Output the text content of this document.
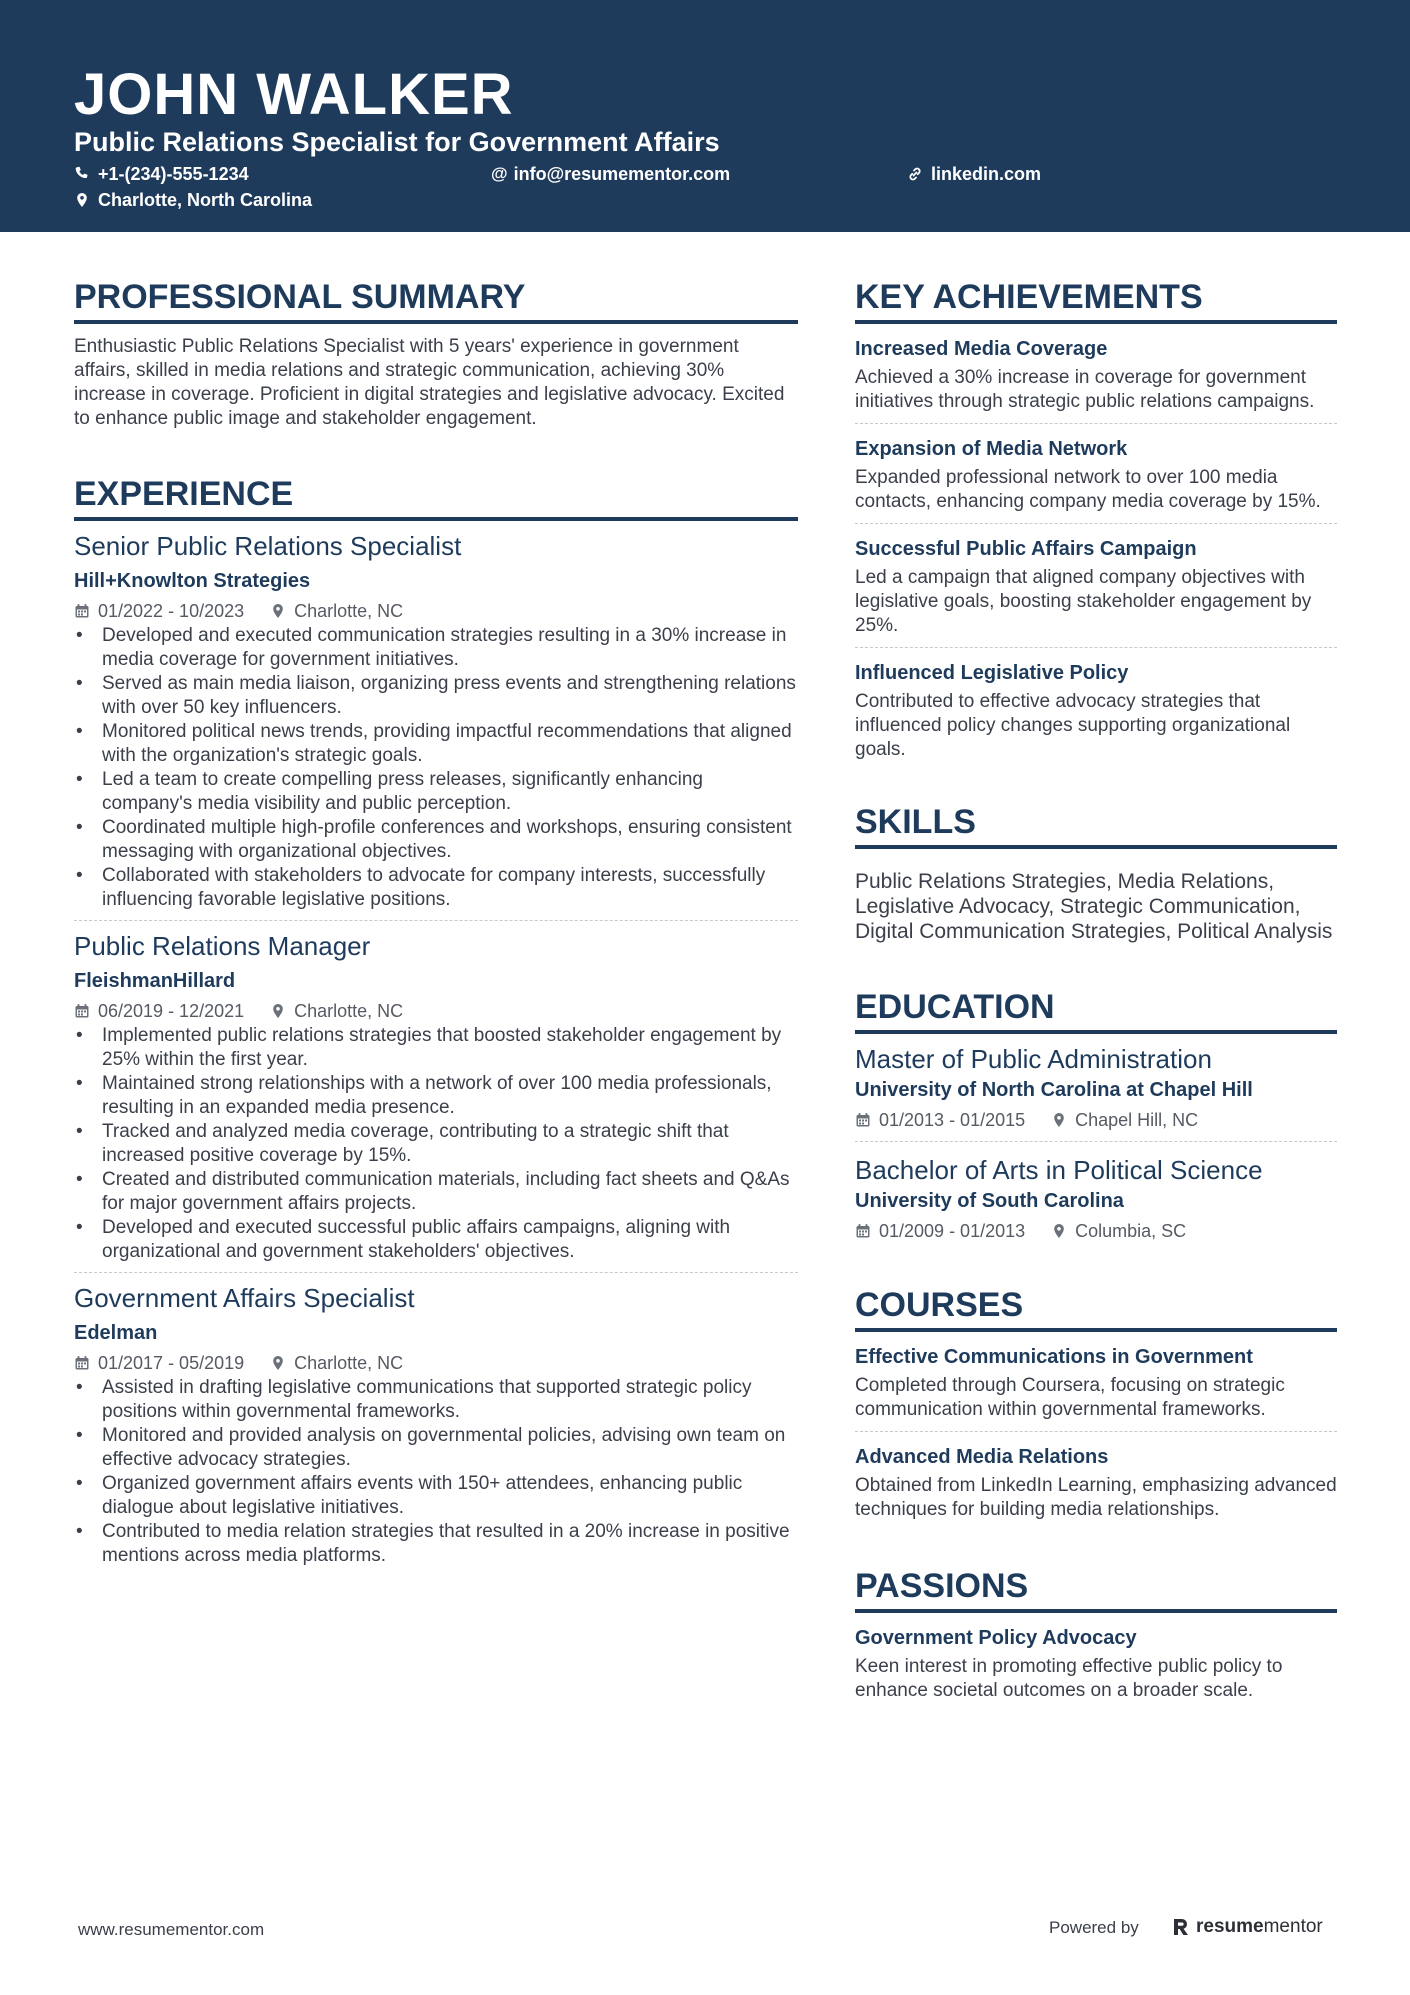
JOHN WALKER
Public Relations Specialist for Government Affairs
+1-(234)-555-1234	@ info@resumementor.com	linkedin.com
Charlotte, North Carolina
PROFESSIONAL SUMMARY

Enthusiastic Public Relations Specialist with 5 years' experience in government affairs, skilled in media relations and strategic communication, achieving 30% increase in coverage. Proficient in digital strategies and legislative advocacy. Excited to enhance public image and stakeholder engagement.

EXPERIENCE
Senior Public Relations Specialist
Hill+Knowlton Strategies
01/2022 - 10/2023	Charlotte, NC
• Developed and executed communication strategies resulting in a 30% increase in media coverage for government initiatives.
• Served as main media liaison, organizing press events and strengthening relations with over 50 key influencers.
• Monitored political news trends, providing impactful recommendations that aligned with the organization's strategic goals.
• Led a team to create compelling press releases, significantly enhancing company's media visibility and public perception.
• Coordinated multiple high-profile conferences and workshops, ensuring consistent messaging with organizational objectives.
• Collaborated with stakeholders to advocate for company interests, successfully influencing favorable legislative positions.
Public Relations Manager
FleishmanHillard
06/2019 - 12/2021	Charlotte, NC
• Implemented public relations strategies that boosted stakeholder engagement by 25% within the first year.
• Maintained strong relationships with a network of over 100 media professionals, resulting in an expanded media presence.
• Tracked and analyzed media coverage, contributing to a strategic shift that increased positive coverage by 15%.
• Created and distributed communication materials, including fact sheets and Q&As for major government affairs projects.
• Developed and executed successful public affairs campaigns, aligning with organizational and government stakeholders' objectives.
Government Affairs Specialist
Edelman
01/2017 - 05/2019	Charlotte, NC
• Assisted in drafting legislative communications that supported strategic policy positions within governmental frameworks.
• Monitored and provided analysis on governmental policies, advising own team on effective advocacy strategies.
• Organized government affairs events with 150+ attendees, enhancing public dialogue about legislative initiatives.
• Contributed to media relation strategies that resulted in a 20% increase in positive mentions across media platforms.
KEY ACHIEVEMENTS
Increased Media Coverage
Achieved a 30% increase in coverage for government initiatives through strategic public relations campaigns.
Expansion of Media Network
Expanded professional network to over 100 media contacts, enhancing company media coverage by 15%.
Successful Public Affairs Campaign
Led a campaign that aligned company objectives with legislative goals, boosting stakeholder engagement by 25%.
Influenced Legislative Policy
Contributed to effective advocacy strategies that influenced policy changes supporting organizational goals.
SKILLS
Public Relations Strategies, Media Relations, Legislative Advocacy, Strategic Communication, Digital Communication Strategies, Political Analysis
EDUCATION
Master of Public Administration
University of North Carolina at Chapel Hill
01/2013 - 01/2015	Chapel Hill, NC
Bachelor of Arts in Political Science
University of South Carolina
01/2009 - 01/2013	Columbia, SC
COURSES
Effective Communications in Government
Completed through Coursera, focusing on strategic communication within governmental frameworks.
Advanced Media Relations
Obtained from LinkedIn Learning, emphasizing advanced techniques for building media relationships.
PASSIONS
Government Policy Advocacy
Keen interest in promoting effective public policy to enhance societal outcomes on a broader scale.
www.resumementor.com	Powered by	resume mentor
